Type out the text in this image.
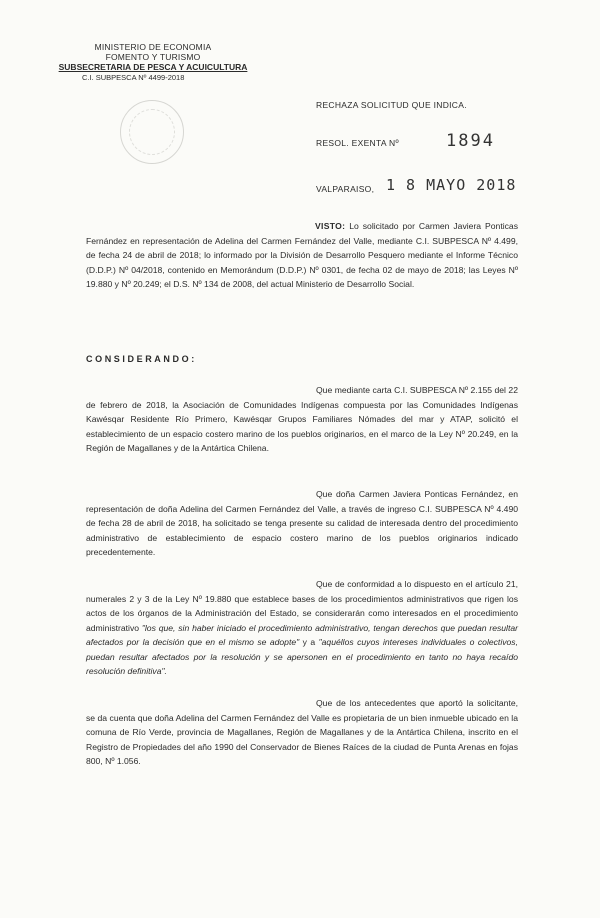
MINISTERIO DE ECONOMIA
FOMENTO Y TURISMO
SUBSECRETARIA DE PESCA Y ACUICULTURA
C.I. SUBPESCA Nº 4499-2018
RECHAZA SOLICITUD QUE INDICA.
RESOL. EXENTA Nº	1894
VALPARAISO, 1 8 MAYO 2018
VISTO: Lo solicitado por Carmen Javiera Ponticas Fernández en representación de Adelina del Carmen Fernández del Valle, mediante C.I. SUBPESCA Nº 4.499, de fecha 24 de abril de 2018; lo informado por la División de Desarrollo Pesquero mediante el Informe Técnico (D.D.P.) Nº 04/2018, contenido en Memorándum (D.D.P.) Nº 0301, de fecha 02 de mayo de 2018; las Leyes Nº 19.880 y Nº 20.249; el D.S. Nº 134 de 2008, del actual Ministerio de Desarrollo Social.
CONSIDERANDO:
Que mediante carta C.I. SUBPESCA Nº 2.155 del 22 de febrero de 2018, la Asociación de Comunidades Indígenas compuesta por las Comunidades Indígenas Kawésqar Residente Río Primero, Kawésqar Grupos Familiares Nómades del mar y ATAP, solicitó el establecimiento de un espacio costero marino de los pueblos originarios, en el marco de la Ley Nº 20.249, en la Región de Magallanes y de la Antártica Chilena.
Que doña Carmen Javiera Ponticas Fernández, en representación de doña Adelina del Carmen Fernández del Valle, a través de ingreso C.I. SUBPESCA Nº 4.490 de fecha 28 de abril de 2018, ha solicitado se tenga presente su calidad de interesada dentro del procedimiento administrativo de establecimiento de espacio costero marino de los pueblos originarios indicado precedentemente.
Que de conformidad a lo dispuesto en el artículo 21, numerales 2 y 3 de la Ley Nº 19.880 que establece bases de los procedimientos administrativos que rigen los actos de los órganos de la Administración del Estado, se considerarán como interesados en el procedimiento administrativo "los que, sin haber iniciado el procedimiento administrativo, tengan derechos que puedan resultar afectados por la decisión que en el mismo se adopte" y a "aquéllos cuyos intereses individuales o colectivos, puedan resultar afectados por la resolución y se apersonen en el procedimiento en tanto no haya recaído resolución definitiva".
Que de los antecedentes que aportó la solicitante, se da cuenta que doña Adelina del Carmen Fernández del Valle es propietaria de un bien inmueble ubicado en la comuna de Río Verde, provincia de Magallanes, Región de Magallanes y de la Antártica Chilena, inscrito en el Registro de Propiedades del año 1990 del Conservador de Bienes Raíces de la ciudad de Punta Arenas en fojas 800, Nº 1.056.
